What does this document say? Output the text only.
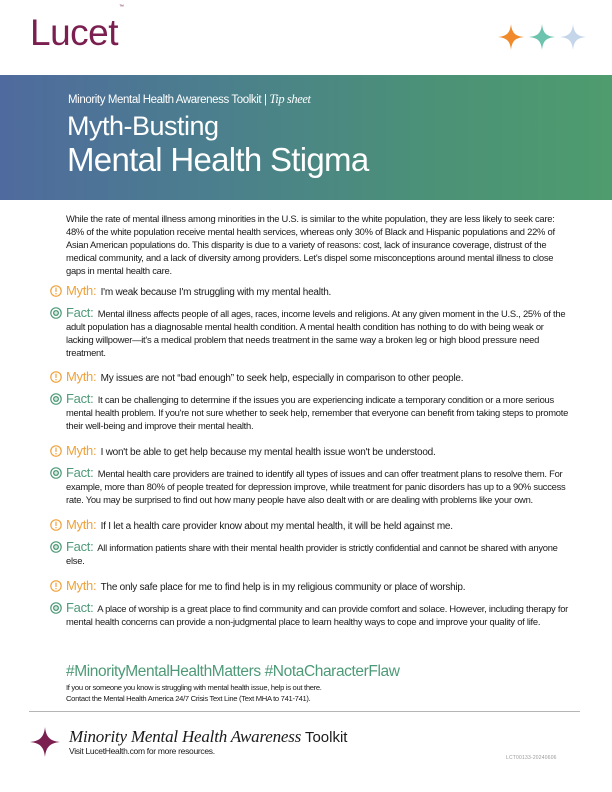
Lucet™
Minority Mental Health Awareness Toolkit | Tip sheet
Myth-Busting
Mental Health Stigma

While the rate of mental illness among minorities in the U.S. is similar to the white population, they are less likely to seek care: 48% of the white population receive mental health services, whereas only 30% of Black and Hispanic populations and 22% of Asian American populations do. This disparity is due to a variety of reasons: cost, lack of insurance coverage, distrust of the medical community, and a lack of diversity among providers. Let's dispel some misconceptions around mental illness to close gaps in mental health care.

Myth: I'm weak because I'm struggling with my mental health.
Fact: Mental illness affects people of all ages, races, income levels and religions. At any given moment in the U.S., 25% of the adult population has a diagnosable mental health condition. A mental health condition has nothing to do with being weak or lacking willpower—it's a medical problem that needs treatment in the same way a broken leg or high blood pressure need treatment.
Myth: My issues are not “bad enough” to seek help, especially in comparison to other people.
Fact: It can be challenging to determine if the issues you are experiencing indicate a temporary condition or a more serious mental health problem. If you're not sure whether to seek help, remember that everyone can benefit from taking steps to promote their well-being and improve their mental health.
Myth: I won't be able to get help because my mental health issue won't be understood.
Fact: Mental health care providers are trained to identify all types of issues and can offer treatment plans to resolve them. For example, more than 80% of people treated for depression improve, while treatment for panic disorders has up to a 90% success rate. You may be surprised to find out how many people have also dealt with or are dealing with problems like your own.
Myth: If I let a health care provider know about my mental health, it will be held against me.
Fact: All information patients share with their mental health provider is strictly confidential and cannot be shared with anyone else.
Myth: The only safe place for me to find help is in my religious community or place of worship.
Fact: A place of worship is a great place to find community and can provide comfort and solace. However, including therapy for mental health concerns can provide a non-judgmental place to learn healthy ways to cope and improve your quality of life.
#MinorityMentalHealthMatters #NotaCharacterFlaw
If you or someone you know is struggling with mental health issue, help is out there.
Contact the Mental Health America 24/7 Crisis Text Line (Text MHA to 741-741).
Minority Mental Health Awareness Toolkit
Visit LucetHealth.com for more resources.
LCT00133-20240606
